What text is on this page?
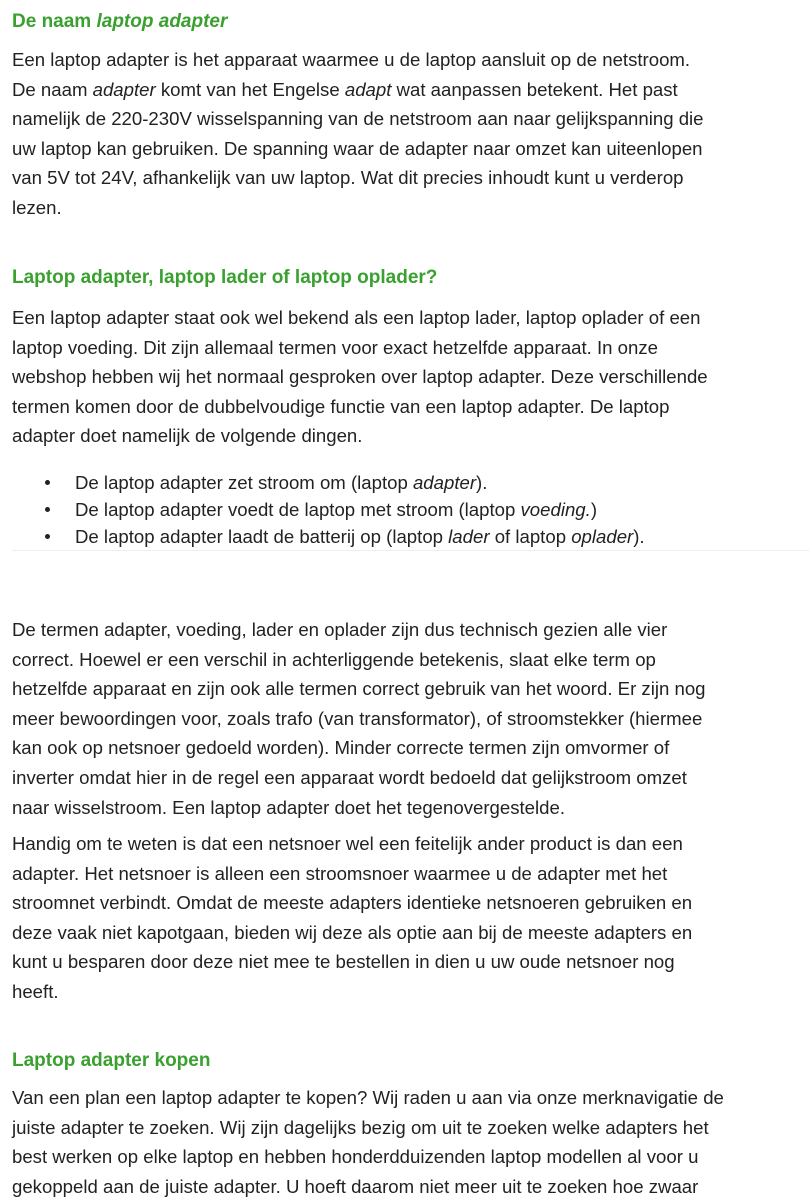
De naam laptop adapter

Een laptop adapter is het apparaat waarmee u de laptop aansluit op de netstroom.
De naam adapter komt van het Engelse adapt wat aanpassen betekent. Het past
namelijk de 220-230V wisselspanning van de netstroom aan naar gelijkspanning die
uw laptop kan gebruiken. De spanning waar de adapter naar omzet kan uiteenlopen
van 5V tot 24V, afhankelijk van uw laptop. Wat dit precies inhoudt kunt u verderop
lezen.

Laptop adapter, laptop lader of laptop oplader?

Een laptop adapter staat ook wel bekend als een laptop lader, laptop oplader of een
laptop voeding. Dit zijn allemaal termen voor exact hetzelfde apparaat. In onze
webshop hebben wij het normaal gesproken over laptop adapter. Deze verschillende
termen komen door de dubbelvoudige functie van een laptop adapter. De laptop
adapter doet namelijk de volgende dingen.

De laptop adapter zet stroom om (laptop adapter).
De laptop adapter voedt de laptop met stroom (laptop voeding.)
De laptop adapter laadt de batterij op (laptop lader of laptop oplader).

De termen adapter, voeding, lader en oplader zijn dus technisch gezien alle vier
correct. Hoewel er een verschil in achterliggende betekenis, slaat elke term op
hetzelfde apparaat en zijn ook alle termen correct gebruik van het woord. Er zijn nog
meer bewoordingen voor, zoals trafo (van transformator), of stroomstekker (hiermee
kan ook op netsnoer gedoeld worden). Minder correcte termen zijn omvormer of
inverter omdat hier in de regel een apparaat wordt bedoeld dat gelijkstroom omzet
naar wisselstroom. Een laptop adapter doet het tegenovergestelde.

Handig om te weten is dat een netsnoer wel een feitelijk ander product is dan een
adapter. Het netsnoer is alleen een stroomsnoer waarmee u de adapter met het
stroomnet verbindt. Omdat de meeste adapters identieke netsnoeren gebruiken en
deze vaak niet kapotgaan, bieden wij deze als optie aan bij de meeste adapters en
kunt u besparen door deze niet mee te bestellen in dien u uw oude netsnoer nog
heeft.

Laptop adapter kopen

Van een plan een laptop adapter te kopen? Wij raden u aan via onze merknavigatie de
juiste adapter te zoeken. Wij zijn dagelijks bezig om uit te zoeken welke adapters het
best werken op elke laptop en hebben honderdduizenden laptop modellen al voor u
gekoppeld aan de juiste adapter. U hoeft daarom niet meer uit te zoeken hoe zwaar
